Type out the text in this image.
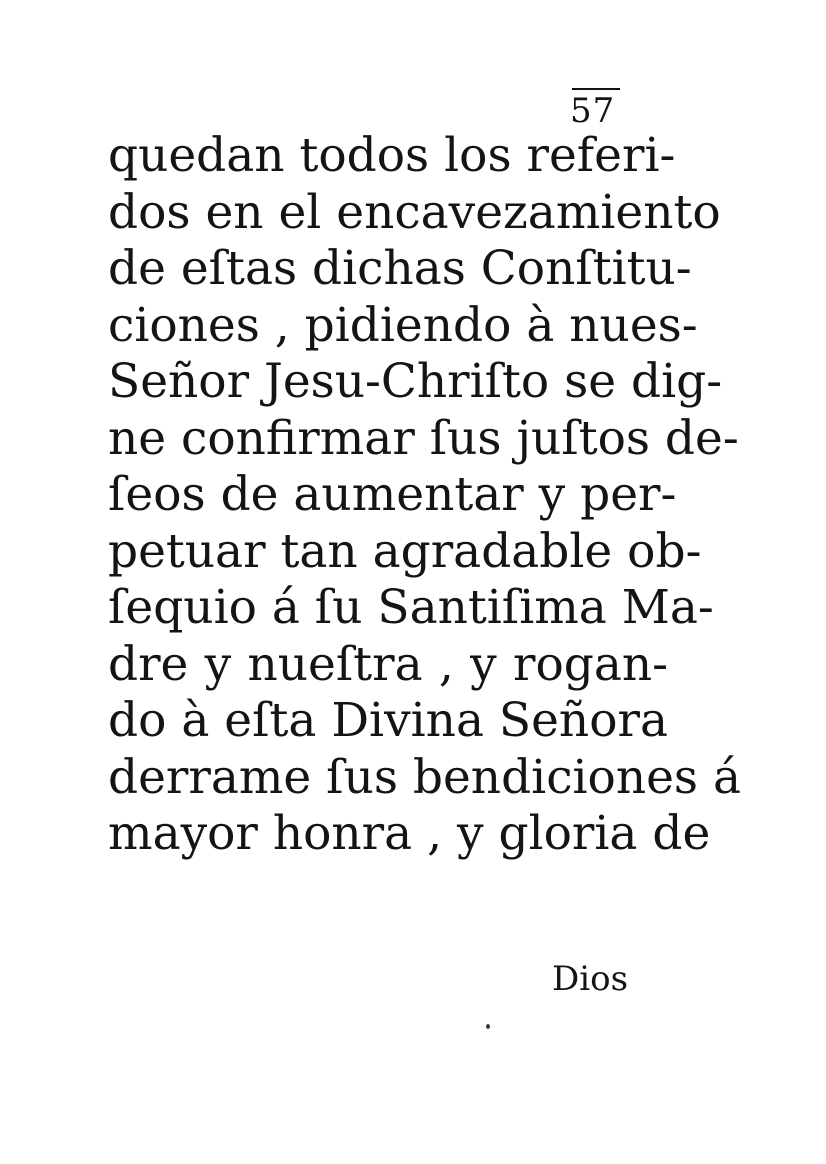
57
quedan todos los referi-
dos en el encavezamiento
de eſtas dichas Conſtitu-
ciones , pidiendo à nues-
Señor Jesu-Chriſto se dig-
ne confirmar ſus juſtos de-
ſeos de aumentar y per-
petuar tan agradable ob-
ſequio á ſu Santiſima Ma-
dre y nueſtra , y rogan-
do à eſta Divina Señora
derrame ſus bendiciones á
mayor honra , y gloria de
Dios
